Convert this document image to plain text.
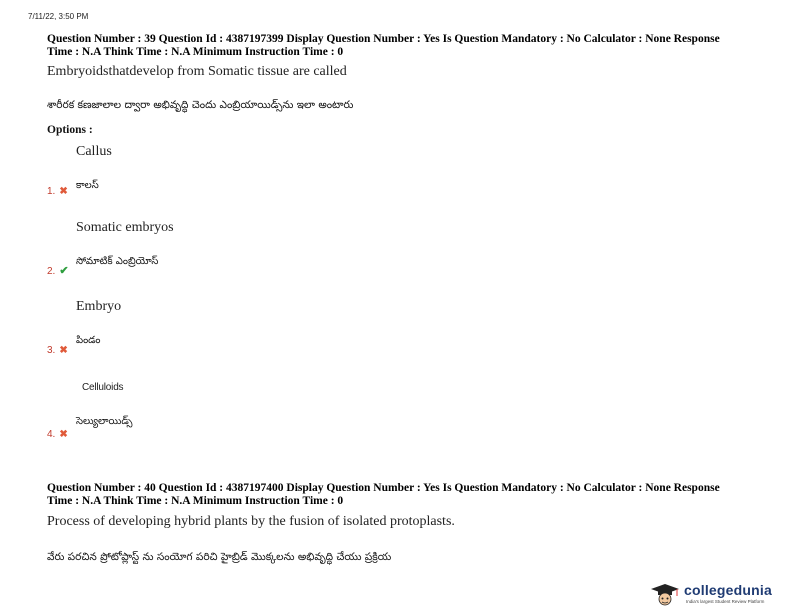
7/11/22, 3:50 PM
Question Number : 39 Question Id : 4387197399 Display Question Number : Yes Is Question Mandatory : No Calculator : None Response
Time : N.A Think Time : N.A Minimum Instruction Time : 0
Embryoidsthatdevelop from Somatic tissue are called
శారీరక కణజాలాల ద్వారా అభివృద్ధి చెందు ఎంబ్రియాయిడ్స్‌ను ఇలా అంటారు
Options :
Callus
కాలస్
1. ✖
Somatic embryos
సోమాటిక్ ఎంబ్రియోస్
2. ✔
Embryo
పిండం
3. ✖
Celluloids
సెల్యులాయిడ్స్
4. ✖
Question Number : 40 Question Id : 4387197400 Display Question Number : Yes Is Question Mandatory : No Calculator : None Response
Time : N.A Think Time : N.A Minimum Instruction Time : 0
Process of developing hybrid plants by the fusion of isolated protoplasts.
వేరు పరచిన ప్రోటోప్లాస్ట్ ను సంయోగ పరిచి హైబ్రిడ్ మొక్కలను అభివృద్ధి చేయు ప్రక్రియ
collegedunia
India's largest Student Review Platform
